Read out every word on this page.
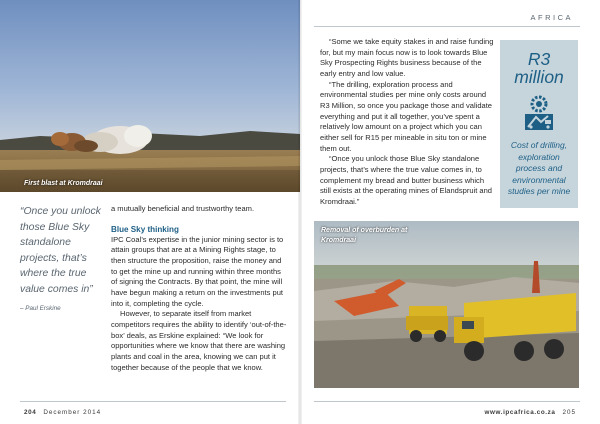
First blast at Kromdraai
“Once you unlock those Blue Sky standalone projects, that’s where the true value comes in”
– Paul Erskine

a mutually beneficial and trustworthy team.

Blue Sky thinking

IPC Coal’s expertise in the junior mining sector is to attain groups that are at a Mining Rights stage, to then structure the proposition, raise the money and to get the mine up and running within three months of signing the Contracts. By that point, the mine will have begun making a return on the investments put into it, completing the cycle.

However, to separate itself from market competitors requires the ability to identify ‘out-of-the-box’ deals, as Erskine explained: “We look for opportunities where we know that there are washing plants and coal in the area, knowing we can put it together because of the people that we know.

204 December 2014
AFRICA

“Some we take equity stakes in and raise funding for, but my main focus now is to look towards Blue Sky Prospecting Rights business because of the early entry and low value.

“The drilling, exploration process and environmental studies per mine only costs around R3 Million, so once you package those and validate everything and put it all together, you’ve spent a relatively low amount on a project which you can either sell for R15 per mineable in situ ton or mine them out.

“Once you unlock those Blue Sky standalone projects, that’s where the true value comes in, to complement my bread and butter business which still exists at the operating mines of Elandspruit and Kromdraai.”

R3
million
Cost of drilling, exploration process and environmental studies per mine
Removal of overburden at Kromdraai
www.ipcafrica.co.za 205
